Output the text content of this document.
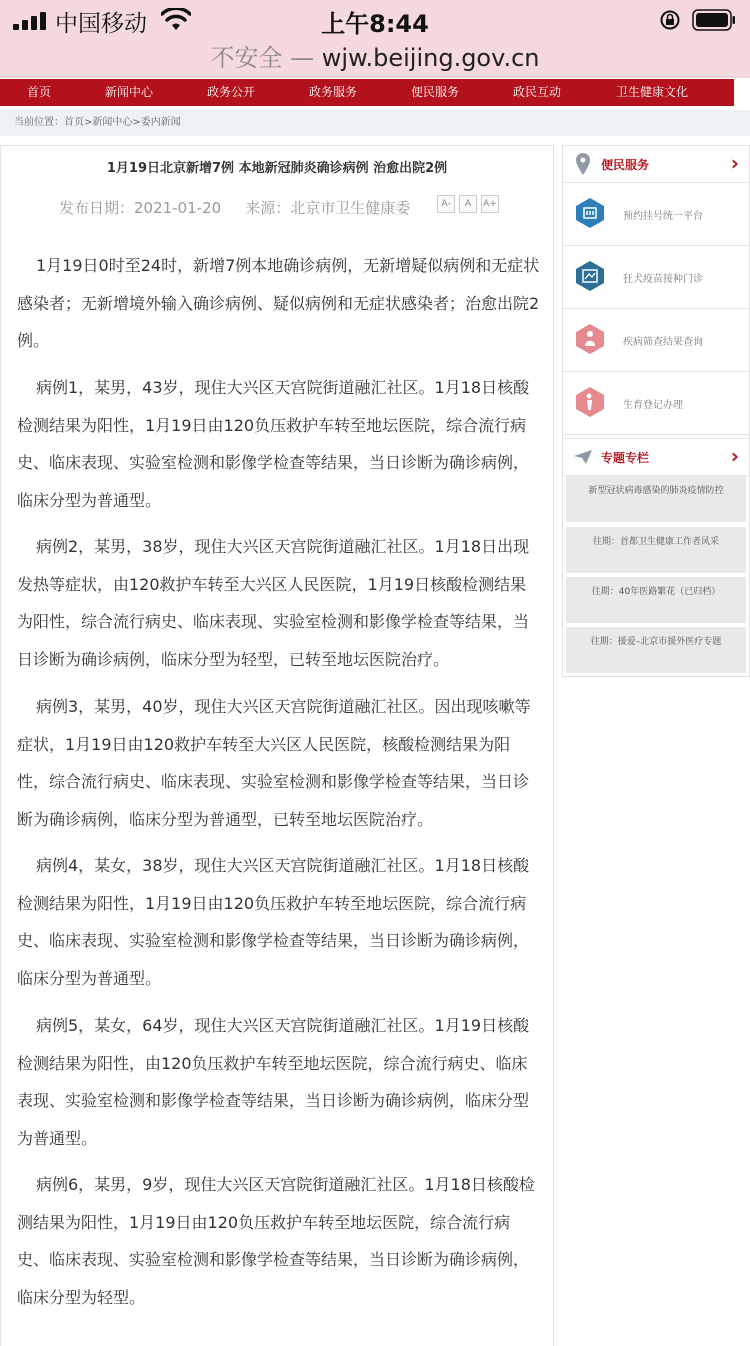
中国移动	上午8:44
不安全 — wjw.beijing.gov.cn
首页	新闻中心	政务公开	政务服务	便民服务	政民互动	卫生健康文化
当前位置：首页>新闻中心>委内新闻
1月19日北京新增7例 本地新冠肺炎确诊病例 治愈出院2例
发布日期：2021-01-20 来源：北京市卫生健康委	A-	A	A+

1月19日0时至24时，新增7例本地确诊病例，无新增疑似病例和无症状感染者；无新增境外输入确诊病例、疑似病例和无症状感染者；治愈出院2例。

病例1，某男，43岁，现住大兴区天宫院街道融汇社区。1月18日核酸检测结果为阳性，1月19日由120负压救护车转至地坛医院，综合流行病史、临床表现、实验室检测和影像学检查等结果，当日诊断为确诊病例，临床分型为普通型。

病例2，某男，38岁，现住大兴区天宫院街道融汇社区。1月18日出现发热等症状，由120救护车转至大兴区人民医院，1月19日核酸检测结果为阳性，综合流行病史、临床表现、实验室检测和影像学检查等结果，当日诊断为确诊病例，临床分型为轻型，已转至地坛医院治疗。

病例3，某男，40岁，现住大兴区天宫院街道融汇社区。因出现咳嗽等症状，1月19日由120救护车转至大兴区人民医院，核酸检测结果为阳性，综合流行病史、临床表现、实验室检测和影像学检查等结果，当日诊断为确诊病例，临床分型为普通型，已转至地坛医院治疗。

病例4，某女，38岁，现住大兴区天宫院街道融汇社区。1月18日核酸检测结果为阳性，1月19日由120负压救护车转至地坛医院，综合流行病史、临床表现、实验室检测和影像学检查等结果，当日诊断为确诊病例，临床分型为普通型。

病例5，某女，64岁，现住大兴区天宫院街道融汇社区。1月19日核酸检测结果为阳性，由120负压救护车转至地坛医院，综合流行病史、临床表现、实验室检测和影像学检查等结果，当日诊断为确诊病例，临床分型为普通型。

病例6，某男，9岁，现住大兴区天宫院街道融汇社区。1月18日核酸检测结果为阳性，1月19日由120负压救护车转至地坛医院，综合流行病史、临床表现、实验室检测和影像学检查等结果，当日诊断为确诊病例，临床分型为轻型。

便民服务	›
预约挂号统一平台
狂犬疫苗接种门诊
疾病筛查结果查询
生育登记办理
专题专栏	›
新型冠状病毒感染的肺炎疫情防控
往期：首都卫生健康工作者风采
往期：40年医路繁花（已归档）
往期：援爱–北京市援外医疗专题
